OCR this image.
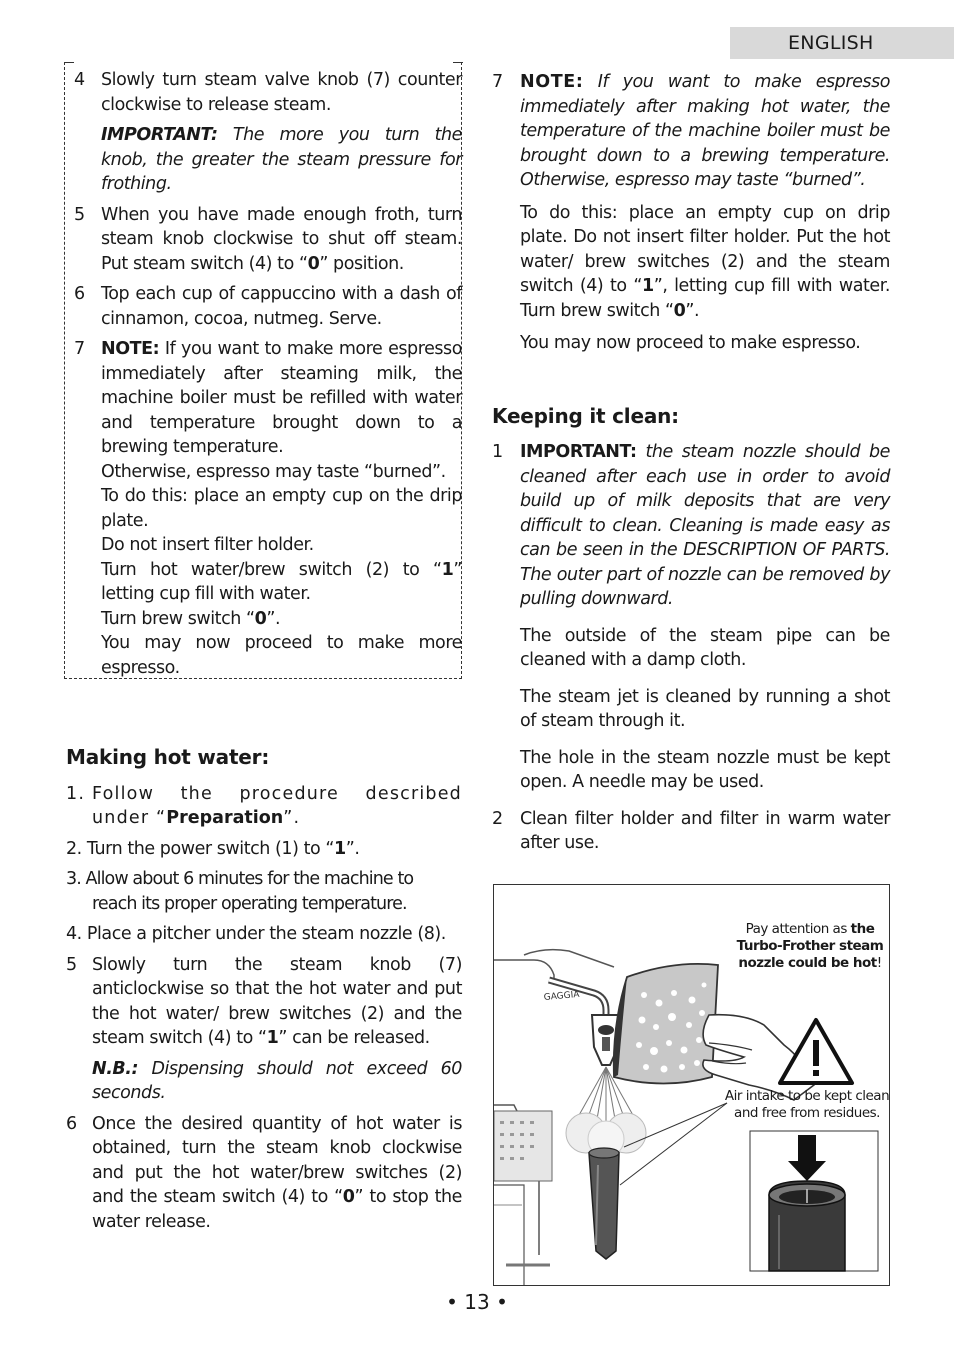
ENGLISH
4 Slowly turn steam valve knob (7) counter clockwise to release steam.
IMPORTANT: The more you turn the knob, the greater the steam pressure for frothing.
5 When you have made enough froth, turn steam knob clockwise to shut off steam. Put steam switch (4) to “0” position.
6 Top each cup of cappuccino with a dash of cinnamon, cocoa, nutmeg. Serve.
7 NOTE: If you want to make more espresso immediately after steaming milk, the machine boiler must be refilled with water and temperature brought down to a brewing temperature.
Otherwise, espresso may taste “burned”.
To do this: place an empty cup on the drip plate.
Do not insert filter holder.
Turn hot water/brew switch (2) to “1” letting cup fill with water.
Turn brew switch “0”.
You may now proceed to make more espresso.
Making hot water:
1. Follow the procedure described under “Preparation”.
2. Turn the power switch (1) to “1”.
3. Allow about 6 minutes for the machine to reach its proper operating temperature.
4. Place a pitcher under the steam nozzle (8).
5 Slowly turn the steam knob (7) anticlockwise so that the hot water and put the hot water/ brew switches (2) and the steam switch (4) to “1” can be released.
N.B.: Dispensing should not exceed 60 seconds.
6 Once the desired quantity of hot water is obtained, turn the steam knob clockwise and put the hot water/brew switches (2) and the steam switch (4) to “0” to stop the water release.
7 NOTE: If you want to make espresso immediately after making hot water, the temperature of the machine boiler must be brought down to a brewing temperature. Otherwise, espresso may taste “burned”.
To do this: place an empty cup on drip plate. Do not insert filter holder. Put the hot water/ brew switches (2) and the steam switch (4) to “1”, letting cup fill with water. Turn brew switch “0”.
You may now proceed to make espresso.
Keeping it clean:
1 IMPORTANT: the steam nozzle should be cleaned after each use in order to avoid build up of milk deposits that are very difficult to clean. Cleaning is made easy as can be seen in the DESCRIPTION OF PARTS. The outer part of nozzle can be removed by pulling downward.
The outside of the steam pipe can be cleaned with a damp cloth.
The steam jet is cleaned by running a shot of steam through it.
The hole in the steam nozzle must be kept open. A needle may be used.
2 Clean filter holder and filter in warm water after use.
GAGGIA
Pay attention as the Turbo-Frother steam nozzle could be hot!
Air intake to be kept clean and free from residues.
• 13 •
